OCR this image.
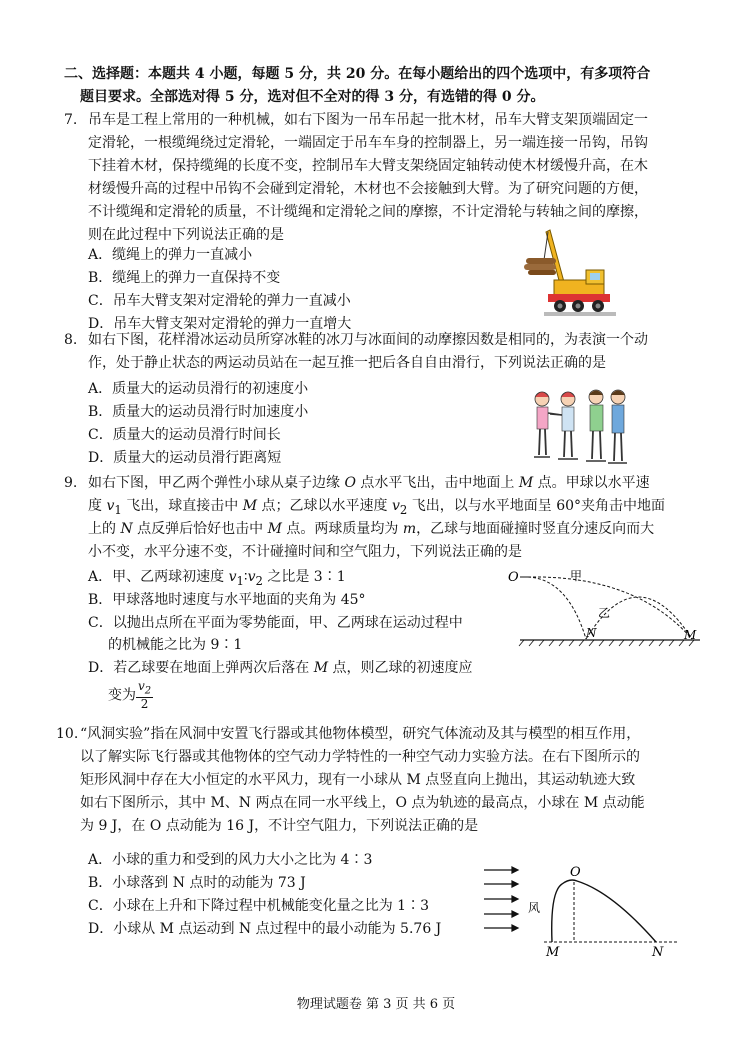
二、选择题：本题共 4 小题，每题 5 分，共 20 分。在每小题给出的四个选项中，有多项符合
题目要求。全部选对得 5 分，选对但不全对的得 3 分，有选错的得 0 分。
7. 吊车是工程上常用的一种机械，如右下图为一吊车吊起一批木材，吊车大臂支架顶端固定一
定滑轮，一根缆绳绕过定滑轮，一端固定于吊车车身的控制器上，另一端连接一吊钩，吊钩
下挂着木材，保持缆绳的长度不变，控制吊车大臂支架绕固定轴转动使木材缓慢升高，在木
材缓慢升高的过程中吊钩不会碰到定滑轮，木材也不会接触到大臂。为了研究问题的方便，
不计缆绳和定滑轮的质量，不计缆绳和定滑轮之间的摩擦，不计定滑轮与转轴之间的摩擦，
则在此过程中下列说法正确的是
A．缆绳上的弹力一直减小
B．缆绳上的弹力一直保持不变
C．吊车大臂支架对定滑轮的弹力一直减小
D．吊车大臂支架对定滑轮的弹力一直增大
8. 如右下图，花样滑冰运动员所穿冰鞋的冰刀与冰面间的动摩擦因数是相同的，为表演一个动
作，处于静止状态的两运动员站在一起互推一把后各自自由滑行，下列说法正确的是
A．质量大的运动员滑行的初速度小
B．质量大的运动员滑行时加速度小
C．质量大的运动员滑行时间长
D．质量大的运动员滑行距离短
9. 如右下图，甲乙两个弹性小球从桌子边缘 O 点水平飞出，击中地面上 M 点。甲球以水平速
度 $v_1$ 飞出，球直接击中 M 点；乙球以水平速度 $v_2$ 飞出，以与水平地面呈 60°夹角击中地面
上的 N 点反弹后恰好也击中 M 点。两球质量均为 m，乙球与地面碰撞时竖直分速反向而大
小不变，水平分速不变，不计碰撞时间和空气阻力，下列说法正确的是
A．甲、乙两球初速度 $v_1∶v_2$ 之比是 3∶1
B．甲球落地时速度与水平地面的夹角为 45°
C．以抛出点所在平面为零势能面，甲、乙两球在运动过程中
的机械能之比为 9∶1
D．若乙球要在地面上弹两次后落在 M 点，则乙球的初速度应
变为 $\frac{v_2}{2}$
O	甲
乙
N	M
10. “风洞实验”指在风洞中安置飞行器或其他物体模型，研究气体流动及其与模型的相互作用，
以了解实际飞行器或其他物体的空气动力学特性的一种空气动力实验方法。在右下图所示的
矩形风洞中存在大小恒定的水平风力，现有一小球从 M 点竖直向上抛出，其运动轨迹大致
如右下图所示，其中 M、N 两点在同一水平线上，O 点为轨迹的最高点，小球在 M 点动能
为 9 J，在 O 点动能为 16 J，不计空气阻力，下列说法正确的是
A．小球的重力和受到的风力大小之比为 4∶3
B．小球落到 N 点时的动能为 73 J
C．小球在上升和下降过程中机械能变化量之比为 1∶3
D．小球从 M 点运动到 N 点过程中的最小动能为 5.76 J
风
O
M	N
物理试题卷 第 3 页 共 6 页
